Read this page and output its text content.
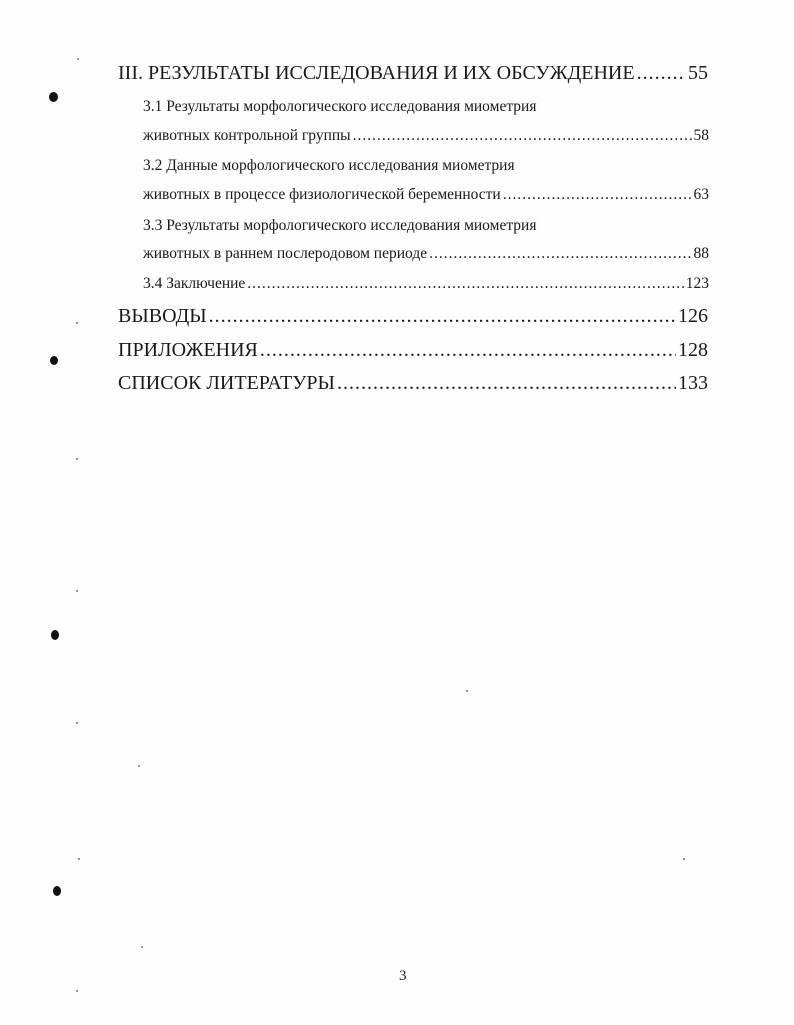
III. РЕЗУЛЬТАТЫ ИССЛЕДОВАНИЯ И ИХ ОБСУЖДЕНИЕ .....	55
3.1 Результаты морфологического исследования миометрия
животных контрольной группы .....	58
3.2 Данные морфологического исследования миометрия
животных в процессе физиологической беременности .....	63
3.3 Результаты морфологического исследования миометрия
животных в раннем послеродовом периоде .....	88
3.4 Заключение .....	123
ВЫВОДЫ .....	126
ПРИЛОЖЕНИЯ .....	128
СПИСОК ЛИТЕРАТУРЫ .....	133
3
